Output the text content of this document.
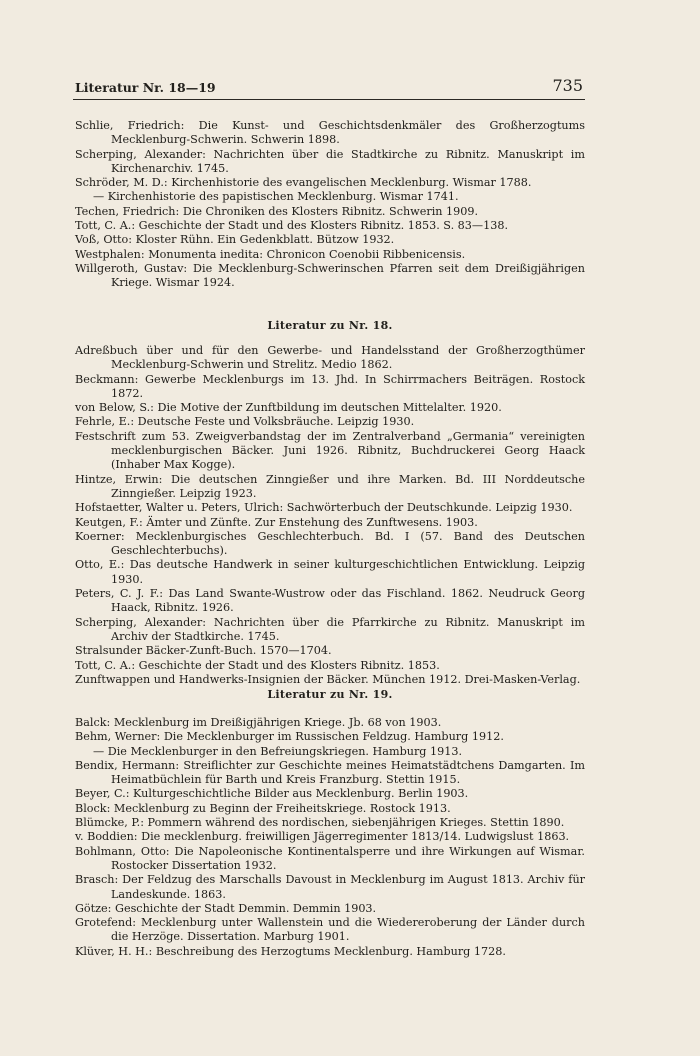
Literatur Nr. 18—19	735

Schlie, Friedrich: Die Kunst- und Geschichtsdenkmäler des Großherzogtums Mecklenburg-Schwerin. Schwerin 1898.

Scherping, Alexander: Nachrichten über die Stadtkirche zu Ribnitz. Manuskript im Kirchenarchiv. 1745.

Schröder, M. D.: Kirchenhistorie des evangelischen Mecklenburg. Wismar 1788.

— Kirchenhistorie des papistischen Mecklenburg. Wismar 1741.

Techen, Friedrich: Die Chroniken des Klosters Ribnitz. Schwerin 1909.

Tott, C. A.: Geschichte der Stadt und des Klosters Ribnitz. 1853. S. 83—138.

Voß, Otto: Kloster Rühn. Ein Gedenkblatt. Bützow 1932.

Westphalen: Monumenta inedita: Chronicon Coenobii Ribbenicensis.

Willgeroth, Gustav: Die Mecklenburg-Schwerinschen Pfarren seit dem Dreißigjährigen Kriege. Wismar 1924.

Literatur zu Nr. 18.

Adreßbuch über und für den Gewerbe- und Handelsstand der Großherzogthümer Mecklenburg-Schwerin und Strelitz. Medio 1862.

Beckmann: Gewerbe Mecklenburgs im 13. Jhd. In Schirrmachers Beiträgen. Rostock 1872.

von Below, S.: Die Motive der Zunftbildung im deutschen Mittelalter. 1920.

Fehrle, E.: Deutsche Feste und Volksbräuche. Leipzig 1930.

Festschrift zum 53. Zweigverbandstag der im Zentralverband „Germania“ vereinigten mecklenburgischen Bäcker. Juni 1926. Ribnitz, Buchdruckerei Georg Haack (Inhaber Max Kogge).

Hintze, Erwin: Die deutschen Zinngießer und ihre Marken. Bd. III Norddeutsche Zinngießer. Leipzig 1923.

Hofstaetter, Walter u. Peters, Ulrich: Sachwörterbuch der Deutschkunde. Leipzig 1930.

Keutgen, F.: Ämter und Zünfte. Zur Enstehung des Zunftwesens. 1903.

Koerner: Mecklenburgisches Geschlechterbuch. Bd. I (57. Band des Deutschen Geschlechterbuchs).

Otto, E.: Das deutsche Handwerk in seiner kulturgeschichtlichen Entwicklung. Leipzig 1930.

Peters, C. J. F.: Das Land Swante-Wustrow oder das Fischland. 1862. Neudruck Georg Haack, Ribnitz. 1926.

Scherping, Alexander: Nachrichten über die Pfarrkirche zu Ribnitz. Manuskript im Archiv der Stadtkirche. 1745.

Stralsunder Bäcker-Zunft-Buch. 1570—1704.

Tott, C. A.: Geschichte der Stadt und des Klosters Ribnitz. 1853.

Zunftwappen und Handwerks-Insignien der Bäcker. München 1912. Drei-Masken-Verlag.

Literatur zu Nr. 19.

Balck: Mecklenburg im Dreißigjährigen Kriege. Jb. 68 von 1903.

Behm, Werner: Die Mecklenburger im Russischen Feldzug. Hamburg 1912.

— Die Mecklenburger in den Befreiungskriegen. Hamburg 1913.

Bendix, Hermann: Streiflichter zur Geschichte meines Heimatstädtchens Damgarten. Im Heimatbüchlein für Barth und Kreis Franzburg. Stettin 1915.

Beyer, C.: Kulturgeschichtliche Bilder aus Mecklenburg. Berlin 1903.

Block: Mecklenburg zu Beginn der Freiheitskriege. Rostock 1913.

Blümcke, P.: Pommern während des nordischen, siebenjährigen Krieges. Stettin 1890.

v. Boddien: Die mecklenburg. freiwilligen Jägerregimenter 1813/14. Ludwigslust 1863.

Bohlmann, Otto: Die Napoleonische Kontinentalsperre und ihre Wirkungen auf Wismar. Rostocker Dissertation 1932.

Brasch: Der Feldzug des Marschalls Davoust in Mecklenburg im August 1813. Archiv für Landeskunde. 1863.

Götze: Geschichte der Stadt Demmin. Demmin 1903.

Grotefend: Mecklenburg unter Wallenstein und die Wiedereroberung der Länder durch die Herzöge. Dissertation. Marburg 1901.

Klüver, H. H.: Beschreibung des Herzogtums Mecklenburg. Hamburg 1728.
